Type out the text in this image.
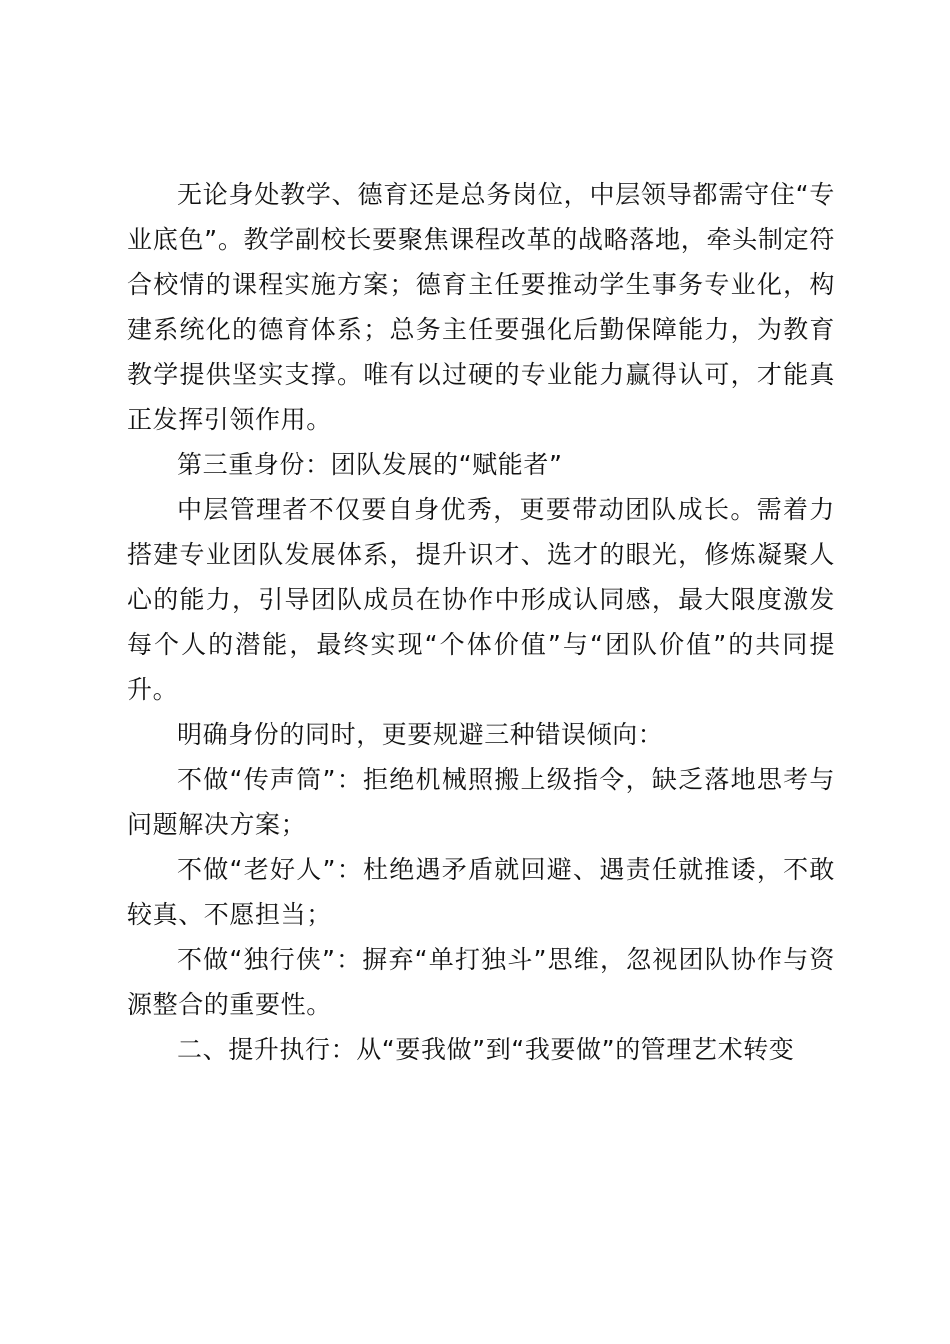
无论身处教学、德育还是总务岗位，中层领导都需守住“专业底色”。教学副校长要聚焦课程改革的战略落地，牵头制定符合校情的课程实施方案；德育主任要推动学生事务专业化，构建系统化的德育体系；总务主任要强化后勤保障能力，为教育教学提供坚实支撑。唯有以过硬的专业能力赢得认可，才能真正发挥引领作用。

第三重身份：团队发展的“赋能者”

中层管理者不仅要自身优秀，更要带动团队成长。需着力搭建专业团队发展体系，提升识才、选才的眼光，修炼凝聚人心的能力，引导团队成员在协作中形成认同感，最大限度激发每个人的潜能，最终实现“个体价值”与“团队价值”的共同提升。

明确身份的同时，更要规避三种错误倾向：

不做“传声筒”：拒绝机械照搬上级指令，缺乏落地思考与问题解决方案；

不做“老好人”：杜绝遇矛盾就回避、遇责任就推诿，不敢较真、不愿担当；

不做“独行侠”：摒弃“单打独斗”思维，忽视团队协作与资源整合的重要性。

二、提升执行：从“要我做”到“我要做”的管理艺术转变
